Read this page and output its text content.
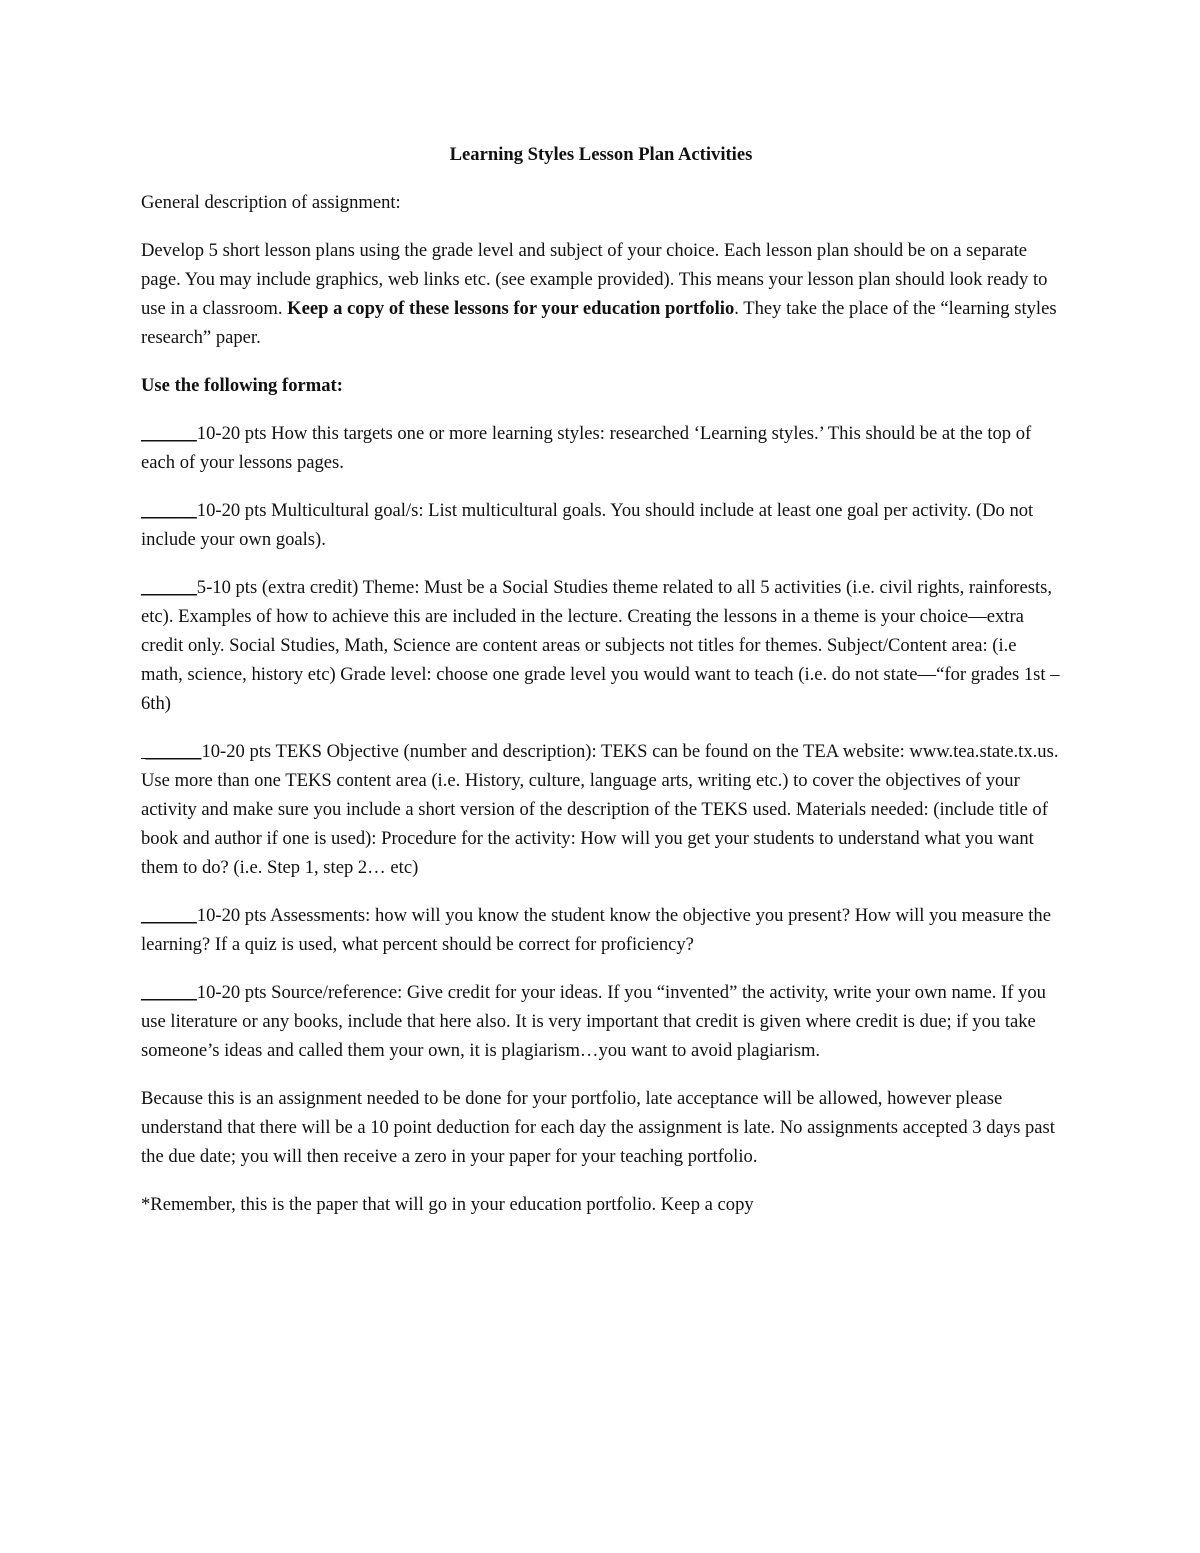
Learning Styles Lesson Plan Activities

General description of assignment:

Develop 5 short lesson plans using the grade level and subject of your choice. Each lesson plan should be on a separate page. You may include graphics, web links etc. (see example provided). This means your lesson plan should look ready to use in a classroom. Keep a copy of these lessons for your education portfolio. They take the place of the “learning styles research” paper.

Use the following format:

______10-20 pts How this targets one or more learning styles: researched ‘Learning styles.’ This should be at the top of each of your lessons pages.

______10-20 pts Multicultural goal/s: List multicultural goals. You should include at least one goal per activity. (Do not include your own goals).

______5-10 pts (extra credit) Theme: Must be a Social Studies theme related to all 5 activities (i.e. civil rights, rainforests, etc). Examples of how to achieve this are included in the lecture. Creating the lessons in a theme is your choice—extra credit only. Social Studies, Math, Science are content areas or subjects not titles for themes. Subject/Content area: (i.e math, science, history etc) Grade level: choose one grade level you would want to teach (i.e. do not state—“for grades 1st – 6th)

______10-20 pts TEKS Objective (number and description): TEKS can be found on the TEA website: www.tea.state.tx.us. Use more than one TEKS content area (i.e. History, culture, language arts, writing etc.) to cover the objectives of your activity and make sure you include a short version of the description of the TEKS used. Materials needed: (include title of book and author if one is used): Procedure for the activity: How will you get your students to understand what you want them to do? (i.e. Step 1, step 2… etc)

______10-20 pts Assessments: how will you know the student know the objective you present? How will you measure the learning? If a quiz is used, what percent should be correct for proficiency?

______10-20 pts Source/reference: Give credit for your ideas. If you “invented” the activity, write your own name. If you use literature or any books, include that here also. It is very important that credit is given where credit is due; if you take someone’s ideas and called them your own, it is plagiarism…you want to avoid plagiarism.

Because this is an assignment needed to be done for your portfolio, late acceptance will be allowed, however please understand that there will be a 10 point deduction for each day the assignment is late. No assignments accepted 3 days past the due date; you will then receive a zero in your paper for your teaching portfolio.

*Remember, this is the paper that will go in your education portfolio. Keep a copy
